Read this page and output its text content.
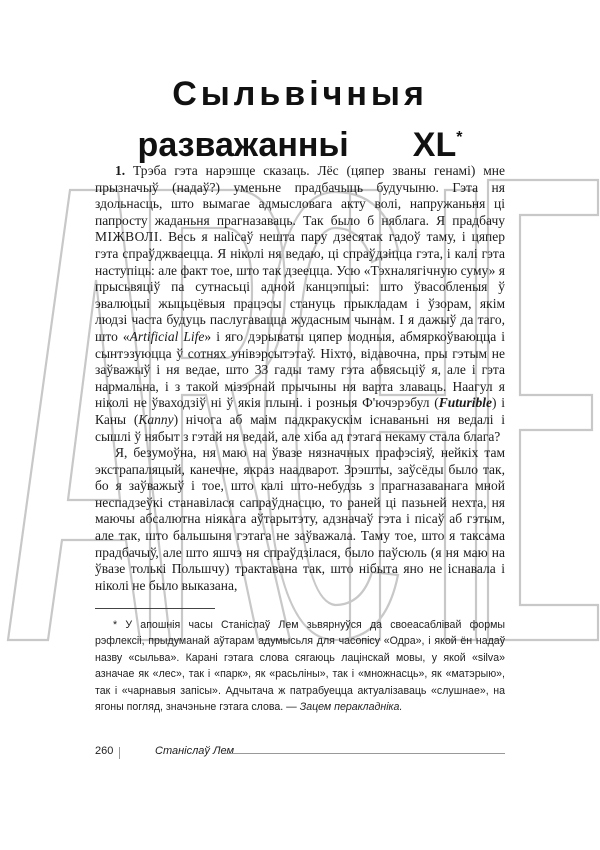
Сыльвiчныя
разважанньi XL*

1. Трэба гэта нарэшце сказаць. Лёс (цяпер званы генамі) мне прызначыў (надаў?) уменьне прадбачыць будучыню. Гэта ня здольнасць, што вымагае адмысловага акту волі, напружаньня ці папросту жаданьня прагназаваць. Так было б няблага. Я прадбачу МІЖВОЛІ. Весь я нalісаў нешта пару дзесятак гадоў таму, і цяпер гэта спраўджваецца. Я ніколі ня ведаю, ці спраўдзіцца гэта, і калі гэта наступіць: але факт тое, што так дзеецца. Усю «Тэхналягічную суму» я прысьвяціў па сутнасьці адной канцэпцыі: што ўвасобленыя ў эвалюцыі жыцьцёвыя працэсы стануць прыкладам і ўзорам, якім людзі часта будуць паслугавацца жудасным чынам. І я дажыў да таго, што «Artificial Life» і яго дэрываты цяпер модныя, абмяркоўваюцца і сынтэзуюцца ў сотнях унівэрсытэтаў. Ніхто, відавочна, пры гэтым не заўважыў і ня ведае, што 33 гады таму гэта абвясьціў я, але і гэта нармальна, і з такой мізэрнай прычыны ня варта злаваць. Наагул я ніколі не ўваходзіў ні ў якія плыні. і розныя Ф'ючэрэбул (Futurible) і Каны (Kanny) нічога аб маім падкракускім існаваньні ня ведалі і сышлі ў нябыт з гэтай ня ведай, але хіба ад гэтага некаму стала блага?

Я, безумоўна, ня маю на ўвазе нязначных прафэсіяў, нейкіх там экстрапаляцый, канечне, якраз наадварот. Зрэшты, заўсёды было так, бо я заўважыў і тое, што калі што-небудзь з прагназаванага мной неспадзеўкі станавілася сапраўднасцю, то раней ці пазьней нехта, ня маючы абсалютна ніякага аўтарытэту, адзначаў гэта і пісаў аб гэтым, але так, што бальшыня гэтага не заўважала. Таму тое, што я таксама прадбачыў, але што яшчэ ня спраўдзілася, было паўсюль (я ня маю на ўвазе толькі Польшчу) трактавана так, што нібыта яно не існавала і ніколі не было выказана,

* У апошнія часы Станіслаў Лем зьвярнуўся да своеасаблівай формы рэфлексіі, прыдуманай аўтарам адумысьля для часопісу «Одра», і якой ён надаў назву «сыльва». Карані гэтага слова сягаюць лацінскай мовы, у якой «silva» азначае як «лес», так і «парк», як «расьліны», так і «множнасць», як «матэрыю», так і «чарнавыя запісы». Адчытача ж патрабуецца актуалізаваць «слушнае», на ягоны погляд, значэньне гэтага слова. — Зацем перакладніка.

260	Станіслаў Лем
